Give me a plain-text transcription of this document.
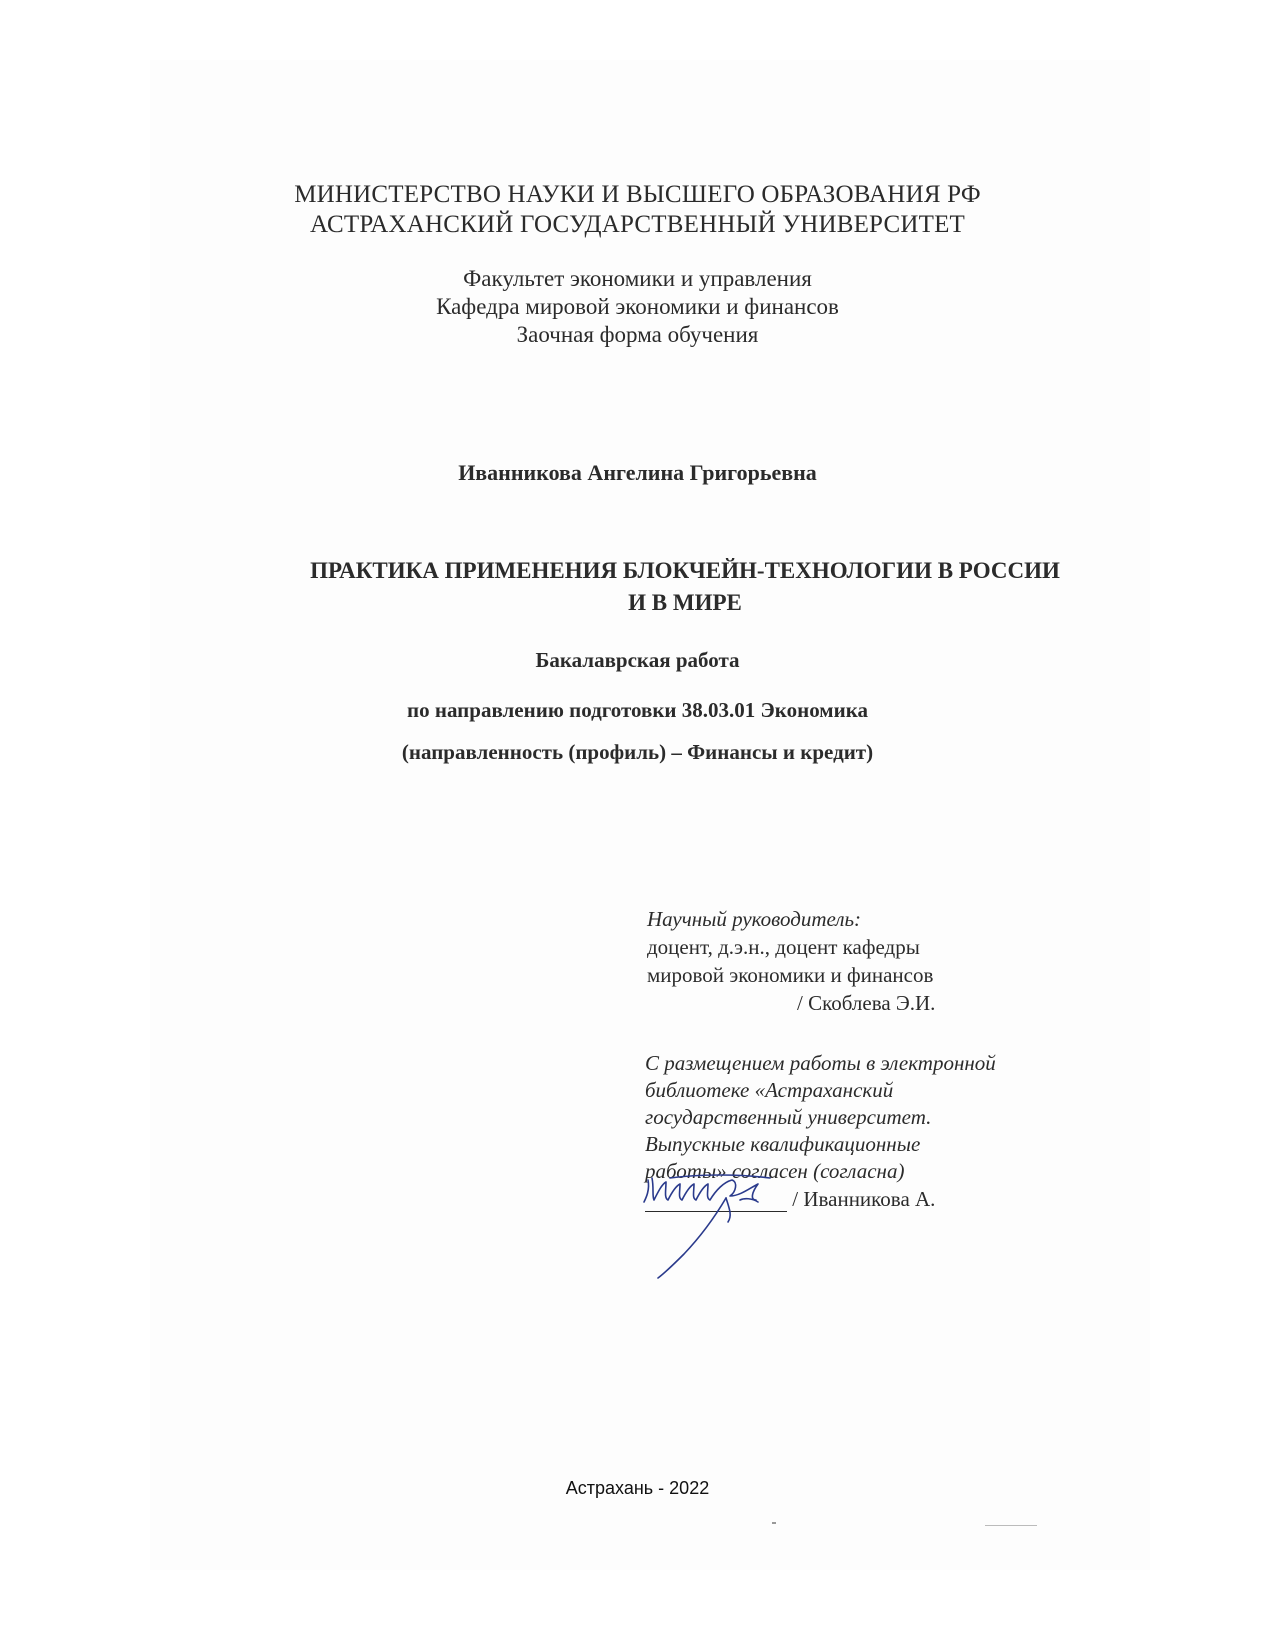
МИНИСТЕРСТВО НАУКИ И ВЫСШЕГО ОБРАЗОВАНИЯ РФ
АСТРАХАНСКИЙ ГОСУДАРСТВЕННЫЙ УНИВЕРСИТЕТ
Факультет экономики и управления
Кафедра мировой экономики и финансов
Заочная форма обучения
Иванникова Ангелина Григорьевна
ПРАКТИКА ПРИМЕНЕНИЯ БЛОКЧЕЙН-ТЕХНОЛОГИИ В РОССИИ
И В МИРЕ
Бакалаврская работа
по направлению подготовки 38.03.01 Экономика
(направленность (профиль) – Финансы и кредит)
Научный руководитель:
доцент, д.э.н., доцент кафедры
мировой экономики и финансов
/ Скоблева Э.И.
С размещением работы в электронной
библиотеке «Астраханский
государственный университет.
Выпускные квалификационные
работы» согласен (согласна)
/ Иванникова А.
Астрахань - 2022
